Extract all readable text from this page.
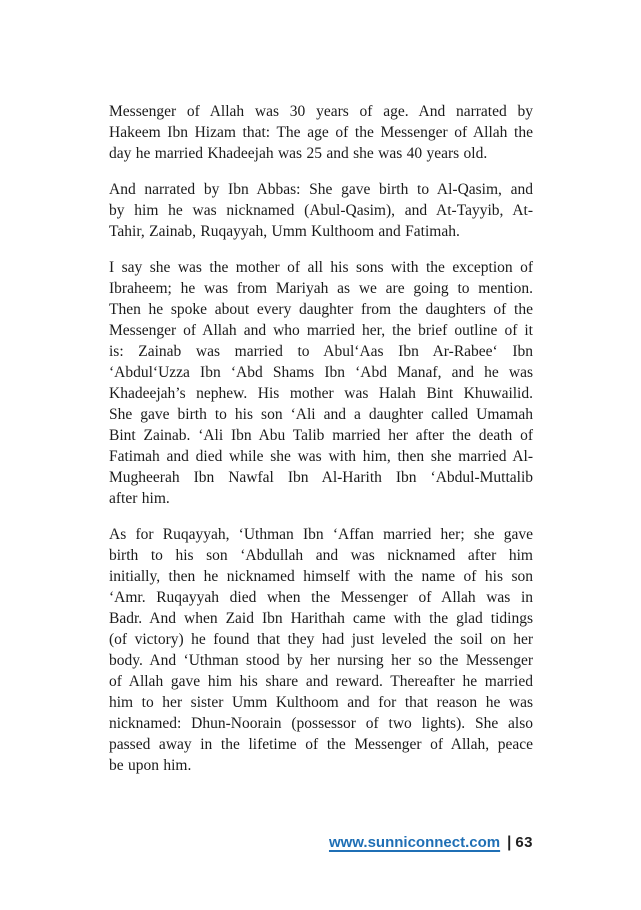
Messenger of Allah was 30 years of age. And narrated by
Hakeem Ibn Hizam that: The age of the Messenger of Allah the
day he married Khadeejah was 25 and she was 40 years old.

And narrated by Ibn Abbas: She gave birth to Al-Qasim, and
by him he was nicknamed (Abul-Qasim), and At-Tayyib, At-
Tahir, Zainab, Ruqayyah, Umm Kulthoom and Fatimah.

I say she was the mother of all his sons with the exception of
Ibraheem; he was from Mariyah as we are going to mention.
Then he spoke about every daughter from the daughters of the
Messenger of Allah and who married her, the brief outline of it
is: Zainab was married to Abul‘Aas Ibn Ar-Rabee‘ Ibn
‘Abdul‘Uzza Ibn ‘Abd Shams Ibn ‘Abd Manaf, and he was
Khadeejah’s nephew. His mother was Halah Bint Khuwailid.
She gave birth to his son ‘Ali and a daughter called Umamah
Bint Zainab. ‘Ali Ibn Abu Talib married her after the death of
Fatimah and died while she was with him, then she married Al-
Mugheerah Ibn Nawfal Ibn Al-Harith Ibn ‘Abdul-Muttalib
after him.

As for Ruqayyah, ‘Uthman Ibn ‘Affan married her; she gave
birth to his son ‘Abdullah and was nicknamed after him
initially, then he nicknamed himself with the name of his son
‘Amr. Ruqayyah died when the Messenger of Allah was in
Badr. And when Zaid Ibn Harithah came with the glad tidings
(of victory) he found that they had just leveled the soil on her
body. And ‘Uthman stood by her nursing her so the Messenger
of Allah gave him his share and reward. Thereafter he married
him to her sister Umm Kulthoom and for that reason he was
nicknamed: Dhun-Noorain (possessor of two lights). She also
passed away in the lifetime of the Messenger of Allah, peace
be upon him.

www.sunniconnect.com | 63
